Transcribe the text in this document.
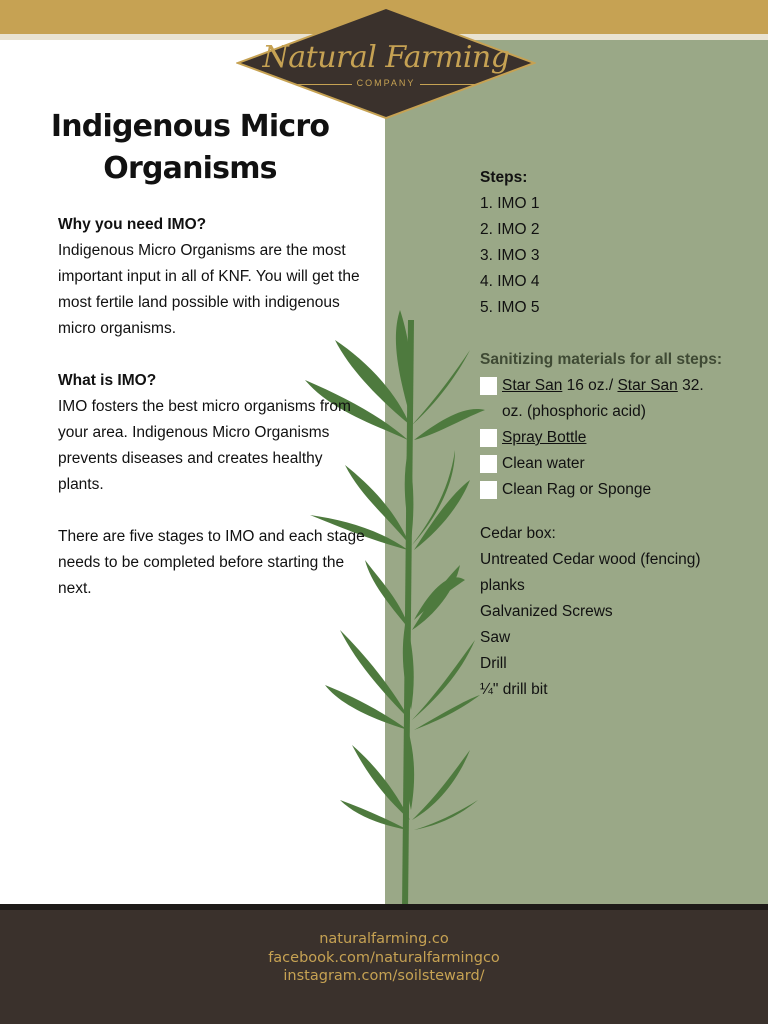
Natural Farming
COMPANY
Indigenous Micro
Organisms

Why you need IMO?

Indigenous Micro Organisms are the most important input in all of KNF. You will get the most fertile land possible with indigenous micro organisms.

What is IMO?

IMO fosters the best micro organisms from your area. Indigenous Micro Organisms prevents diseases and creates healthy plants.

There are five stages to IMO and each stage needs to be completed before starting the next.

Steps:
1. IMO 1
2. IMO 2
3. IMO 3
4. IMO 4
5. IMO 5
Sanitizing materials for all steps:
Star San 16 oz./ Star San 32.
oz. (phosphoric acid)
Spray Bottle
Clean water
Clean Rag or Sponge
Cedar box:
Untreated Cedar wood (fencing)
planks
Galvanized Screws
Saw
Drill
¼" drill bit
naturalfarming.co
facebook.com/naturalfarmingco
instagram.com/soilsteward/
